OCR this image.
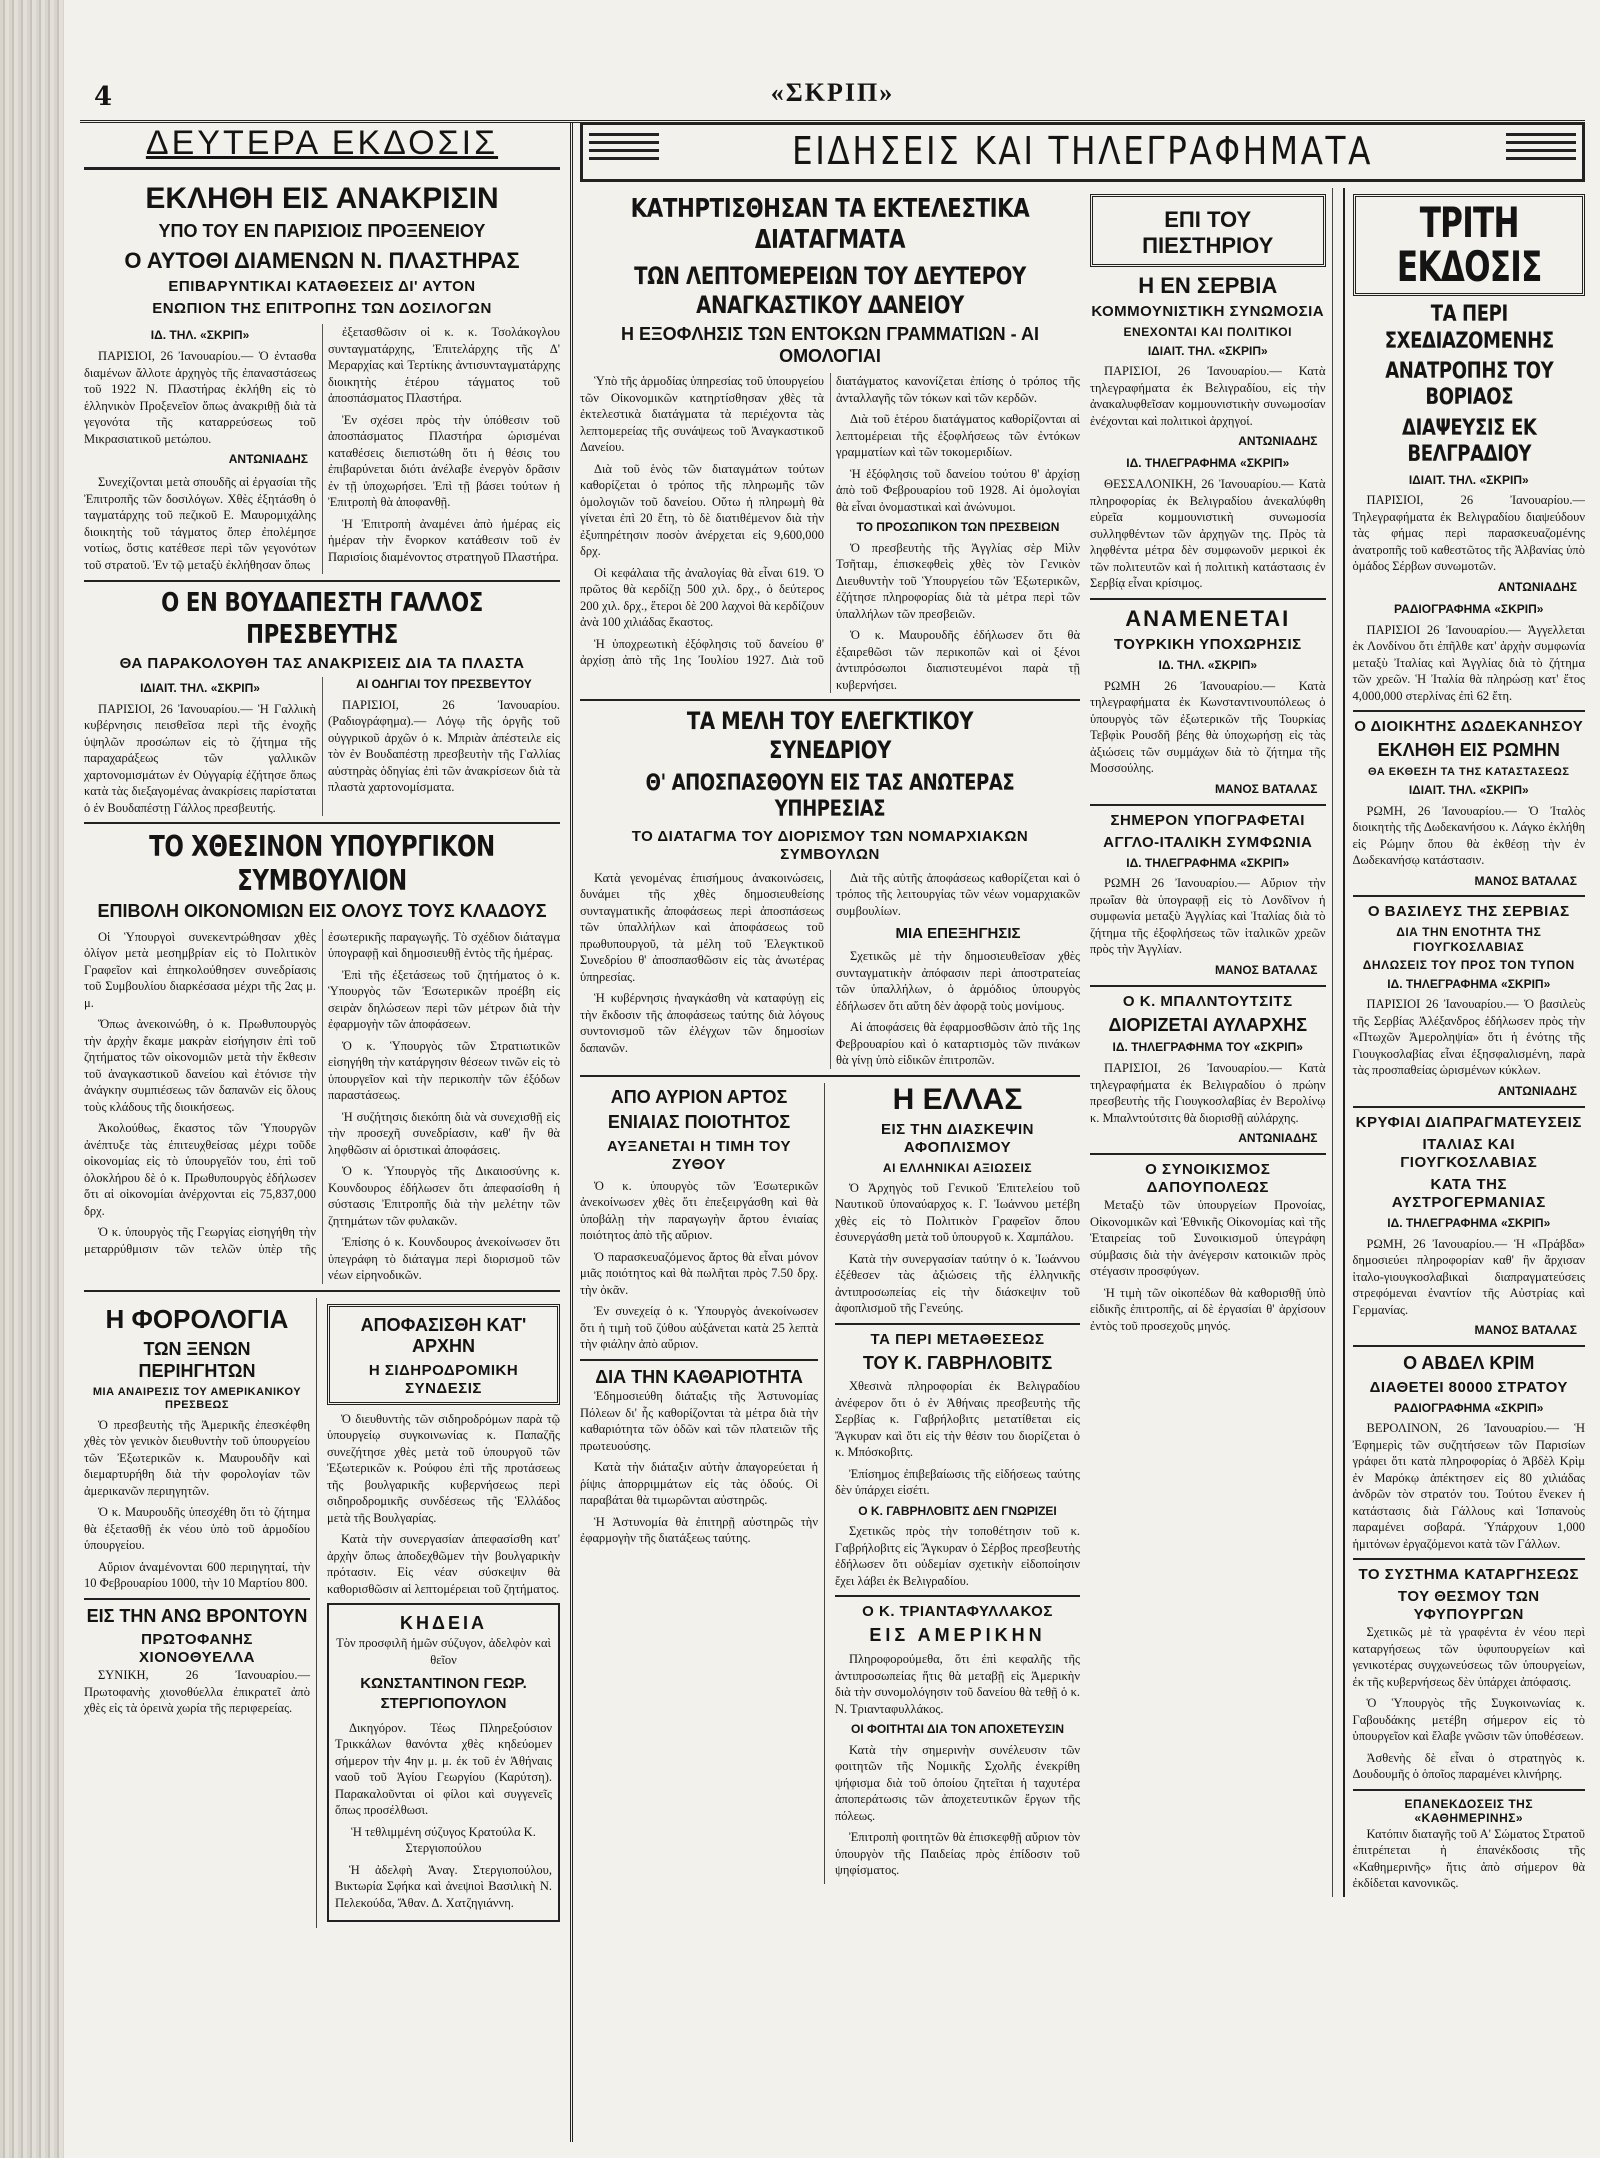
4	«ΣΚΡΙΠ»
ΔΕΥΤΕΡΑ ΕΚΔΟΣΙΣ
ΕΚΛΗΘΗ ΕΙΣ ΑΝΑΚΡΙΣΙΝ
ΥΠΟ ΤΟΥ ΕΝ ΠΑΡΙΣΙΟΙΣ ΠΡΟΞΕΝΕΙΟΥ
Ο ΑΥΤΟΘΙ ΔΙΑΜΕΝΩΝ Ν. ΠΛΑΣΤΗΡΑΣ
ΕΠΙΒΑΡΥΝΤΙΚΑΙ ΚΑΤΑΘΕΣΕΙΣ ΔΙ' ΑΥΤΟΝ
ΕΝΩΠΙΟΝ ΤΗΣ ΕΠΙΤΡΟΠΗΣ ΤΩΝ ΔΟΣΙΛΟΓΩΝ
ΙΔ. ΤΗΛ. «ΣΚΡΙΠ»

ΠΑΡΙΣΙΟΙ, 26 Ἰανουαρίου.— Ὁ ἐντασθα διαμένων ἄλλοτε ἀρχηγὸς τῆς ἐπαναστάσεως τοῦ 1922 Ν. Πλαστήρας ἐκλήθη εἰς τὸ ἑλληνικὸν Προξενεῖον ὅπως ἀνακριθῇ διὰ τὰ γεγονότα τῆς καταρρεύσεως τοῦ Μικρασιατικοῦ μετώπου.

ΑΝΤΩΝΙΑΔΗΣ

Συνεχίζονται μετὰ σπουδῆς αἱ ἐργασίαι τῆς Ἐπιτροπῆς τῶν δοσιλόγων. Χθὲς ἐξητάσθη ὁ ταγματάρχης τοῦ πεζικοῦ Ε. Μαυρομιχάλης διοικητὴς τοῦ τάγματος ὅπερ ἐπολέμησε νοτίως, ὅστις κατέθεσε περὶ τῶν γεγονότων τοῦ στρατοῦ. Ἐν τῷ μεταξὺ ἐκλήθησαν ὅπως

ἐξετασθῶσιν οἱ κ. κ. Τσολάκογλου συνταγματάρχης, Ἐπιτελάρχης τῆς Δ' Μεραρχίας καὶ Τερτίκης ἀντισυνταγματάρχης διοικητὴς ἑτέρου τάγματος τοῦ ἀποσπάσματος Πλαστήρα.

Ἐν σχέσει πρὸς τὴν ὑπόθεσιν τοῦ ἀποσπάσματος Πλαστήρα ὡρισμέναι καταθέσεις διεπιστώθη ὅτι ἡ θέσις του ἐπιβαρύνεται διότι ἀνέλαβε ἐνεργὸν δρᾶσιν ἐν τῇ ὑποχωρήσει. Ἐπὶ τῇ βάσει τούτων ἡ Ἐπιτροπὴ θὰ ἀποφανθῇ.

Ἡ Ἐπιτροπὴ ἀναμένει ἀπὸ ἡμέρας εἰς ἡμέραν τὴν ἔνορκον κατάθεσιν τοῦ ἐν Παρισίοις διαμένοντος στρατηγοῦ Πλαστήρα.

Ο ΕΝ ΒΟΥΔΑΠΕΣΤΗ ΓΑΛΛΟΣ ΠΡΕΣΒΕΥΤΗΣ
ΘΑ ΠΑΡΑΚΟΛΟΥΘΗ ΤΑΣ ΑΝΑΚΡΙΣΕΙΣ ΔΙΑ ΤΑ ΠΛΑΣΤΑ
ΙΔΙΑΙΤ. ΤΗΛ. «ΣΚΡΙΠ»

ΠΑΡΙΣΙΟΙ, 26 Ἰανουαρίου.— Ἡ Γαλλικὴ κυβέρνησις πεισθεῖσα περὶ τῆς ἐνοχῆς ὑψηλῶν προσώπων εἰς τὸ ζήτημα τῆς παραχαράξεως τῶν γαλλικῶν χαρτονομισμάτων ἐν Οὐγγαρίᾳ ἐζήτησε ὅπως κατὰ τὰς διεξαγομένας ἀνακρίσεις παρίσταται ὁ ἐν Βουδαπέστῃ Γάλλος πρεσβευτής.

ΑΙ ΟΔΗΓΙΑΙ ΤΟΥ ΠΡΕΣΒΕΥΤΟΥ

ΠΑΡΙΣΙΟΙ, 26 Ἰανουαρίου. (Ραδιογράφημα).— Λόγῳ τῆς ὀργῆς τοῦ οὐγγρικοῦ ἀρχῶν ὁ κ. Μπριὰν ἀπέστειλε εἰς τὸν ἐν Βουδαπέστῃ πρεσβευτὴν τῆς Γαλλίας αὐστηρὰς ὁδηγίας ἐπὶ τῶν ἀνακρίσεων διὰ τὰ πλαστὰ χαρτονομίσματα.

ΤΟ ΧΘΕΣΙΝΟΝ ΥΠΟΥΡΓΙΚΟΝ ΣΥΜΒΟΥΛΙΟΝ
ΕΠΙΒΟΛΗ ΟΙΚΟΝΟΜΙΩΝ ΕΙΣ ΟΛΟΥΣ ΤΟΥΣ ΚΛΑΔΟΥΣ

Οἱ Ὑπουργοὶ συνεκεντρώθησαν χθὲς ὀλίγον μετὰ μεσημβρίαν εἰς τὸ Πολιτικὸν Γραφεῖον καὶ ἐπηκολούθησεν συνεδρίασις τοῦ Συμβουλίου διαρκέσασα μέχρι τῆς 2ας μ. μ.

Ὅπως ἀνεκοινώθη, ὁ κ. Πρωθυπουργὸς τὴν ἀρχὴν ἔκαμε μακρὰν εἰσήγησιν ἐπὶ τοῦ ζητήματος τῶν οἰκονομιῶν μετὰ τὴν ἔκθεσιν τοῦ ἀναγκαστικοῦ δανείου καὶ ἐτόνισε τὴν ἀνάγκην συμπιέσεως τῶν δαπανῶν εἰς ὅλους τοὺς κλάδους τῆς διοικήσεως.

Ἀκολούθως, ἕκαστος τῶν Ὑπουργῶν ἀνέπτυξε τὰς ἐπιτευχθείσας μέχρι τοῦδε οἰκονομίας εἰς τὸ ὑπουργεῖόν του, ἐπὶ τοῦ ὁλοκλήρου δὲ ὁ κ. Πρωθυπουργὸς ἐδήλωσεν ὅτι αἱ οἰκονομίαι ἀνέρχονται εἰς 75,837,000 δρχ.

Ὁ κ. ὑπουργὸς τῆς Γεωργίας εἰσηγήθη τὴν μεταρρύθμισιν τῶν τελῶν ὑπὲρ τῆς ἐσωτερικῆς παραγωγῆς. Τὸ σχέδιον διάταγμα ὑπογραφῇ καὶ δημοσιευθῇ ἐντὸς τῆς ἡμέρας.

Ἐπὶ τῆς ἐξετάσεως τοῦ ζητήματος ὁ κ. Ὑπουργὸς τῶν Ἐσωτερικῶν προέβη εἰς σειρὰν δηλώσεων περὶ τῶν μέτρων διὰ τὴν ἐφαρμογὴν τῶν ἀποφάσεων.

Ὁ κ. Ὑπουργὸς τῶν Στρατιωτικῶν εἰσηγήθη τὴν κατάργησιν θέσεων τινῶν εἰς τὸ ὑπουργεῖον καὶ τὴν περικοπὴν τῶν ἐξόδων παραστάσεως.

Ἡ συζήτησις διεκόπη διὰ νὰ συνεχισθῇ εἰς τὴν προσεχῆ συνεδρίασιν, καθ' ἣν θὰ ληφθῶσιν αἱ ὁριστικαὶ ἀποφάσεις.

Ὁ κ. Ὑπουργὸς τῆς Δικαιοσύνης κ. Κουνδουρος ἐδήλωσεν ὅτι ἀπεφασίσθη ἡ σύστασις Ἐπιτροπῆς διὰ τὴν μελέτην τῶν ζητημάτων τῶν φυλακῶν.

Ἐπίσης ὁ κ. Κουνδουρος ἀνεκοίνωσεν ὅτι ὑπεγράφη τὸ διάταγμα περὶ διορισμοῦ τῶν νέων εἰρηνοδικῶν.

Η ΦΟΡΟΛΟΓΙΑ
ΤΩΝ ΞΕΝΩΝ ΠΕΡΙΗΓΗΤΩΝ
ΜΙΑ ΑΝΑΙΡΕΣΙΣ ΤΟΥ ΑΜΕΡΙΚΑΝΙΚΟΥ ΠΡΕΣΒΕΩΣ

Ὁ πρεσβευτὴς τῆς Ἀμερικῆς ἐπεσκέφθη χθὲς τὸν γενικὸν διευθυντὴν τοῦ ὑπουργείου τῶν Ἐξωτερικῶν κ. Μαυρουδῆν καὶ διεμαρτυρήθη διὰ τὴν φορολογίαν τῶν ἀμερικανῶν περιηγητῶν.

Ὁ κ. Μαυρουδῆς ὑπεσχέθη ὅτι τὸ ζήτημα θὰ ἐξετασθῇ ἐκ νέου ὑπὸ τοῦ ἁρμοδίου ὑπουργείου.

Αὔριον ἀναμένονται 600 περιηγηταί, τὴν 10 Φεβρουαρίου 1000, τὴν 10 Μαρτίου 800.

ΕΙΣ ΤΗΝ ΑΝΩ ΒΡΟΝΤΟΥΝ
ΠΡΩΤΟΦΑΝΗΣ ΧΙΟΝΟΘΥΕΛΛΑ

ΣΥΝΙΚΗ, 26 Ἰανουαρίου.— Πρωτοφανὴς χιονοθύελλα ἐπικρατεῖ ἀπὸ χθὲς εἰς τὰ ὀρεινὰ χωρία τῆς περιφερείας.

ΑΠΟΦΑΣΙΣΘΗ ΚΑΤ' ΑΡΧΗΝ
Η ΣΙΔΗΡΟΔΡΟΜΙΚΗ ΣΥΝΔΕΣΙΣ

Ὁ διευθυντὴς τῶν σιδηροδρόμων παρὰ τῷ ὑπουργείῳ συγκοινωνίας κ. Παπαζῆς συνεζήτησε χθὲς μετὰ τοῦ ὑπουργοῦ τῶν Ἐξωτερικῶν κ. Ρούφου ἐπὶ τῆς προτάσεως τῆς βουλγαρικῆς κυβερνήσεως περὶ σιδηροδρομικῆς συνδέσεως τῆς Ἑλλάδος μετὰ τῆς Βουλγαρίας.

Κατὰ τὴν συνεργασίαν ἀπεφασίσθη κατ' ἀρχὴν ὅπως ἀποδεχθῶμεν τὴν βουλγαρικὴν πρότασιν. Εἰς νέαν σύσκεψιν θὰ καθορισθῶσιν αἱ λεπτομέρειαι τοῦ ζητήματος.

ΚΗΔΕΙΑ

Τὸν προσφιλῆ ἡμῶν σύζυγον, ἀδελφὸν καὶ θεῖον

ΚΩΝΣΤΑΝΤΙΝΟΝ ΓΕΩΡ. ΣΤΕΡΓΙΟΠΟΥΛΟΝ

Δικηγόρον. Τέως Πληρεξούσιον Τρικκάλων θανόντα χθὲς κηδεύομεν σήμερον τὴν 4ην μ. μ. ἐκ τοῦ ἐν Ἀθήναις ναοῦ τοῦ Ἁγίου Γεωργίου (Καρύτση). Παρακαλοῦνται οἱ φίλοι καὶ συγγενεῖς ὅπως προσέλθωσι.

Ἡ τεθλιμμένη σύζυγος Κρατούλα Κ. Στεργιοπούλου

Ἡ ἀδελφὴ Ἀναγ. Στεργιοπούλου, Βικτωρία Σφήκα καὶ ἀνεψιοὶ Βασιλικὴ Ν. Πελεκούδα, Ἄθαν. Δ. Χατζηγιάννη.

ΕΙΔΗΣΕΙΣ ΚΑΙ ΤΗΛΕΓΡΑΦΗΜΑΤΑ
ΚΑΤΗΡΤΙΣΘΗΣΑΝ ΤΑ ΕΚΤΕΛΕΣΤΙΚΑ ΔΙΑΤΑΓΜΑΤΑ
ΤΩΝ ΛΕΠΤΟΜΕΡΕΙΩΝ ΤΟΥ ΔΕΥΤΕΡΟΥ ΑΝΑΓΚΑΣΤΙΚΟΥ ΔΑΝΕΙΟΥ
Η ΕΞΟΦΛΗΣΙΣ ΤΩΝ ΕΝΤΟΚΩΝ ΓΡΑΜΜΑΤΙΩΝ - ΑΙ ΟΜΟΛΟΓΙΑΙ

Ὑπὸ τῆς ἁρμοδίας ὑπηρεσίας τοῦ ὑπουργείου τῶν Οἰκονομικῶν κατηρτίσθησαν χθὲς τὰ ἐκτελεστικὰ διατάγματα τὰ περιέχοντα τὰς λεπτομερείας τῆς συνάψεως τοῦ Ἀναγκαστικοῦ Δανείου.

Διὰ τοῦ ἑνὸς τῶν διαταγμάτων τούτων καθορίζεται ὁ τρόπος τῆς πληρωμῆς τῶν ὁμολογιῶν τοῦ δανείου. Οὕτω ἡ πληρωμὴ θὰ γίνεται ἐπὶ 20 ἔτη, τὸ δὲ διατιθέμενον διὰ τὴν ἐξυπηρέτησιν ποσὸν ἀνέρχεται εἰς 9,600,000 δρχ.

Οἱ κεφάλαια τῆς ἀναλογίας θὰ εἶναι 619. Ὁ πρῶτος θὰ κερδίζῃ 500 χιλ. δρχ., ὁ δεύτερος 200 χιλ. δρχ., ἕτεροι δὲ 200 λαχνοὶ θὰ κερδίζουν ἀνὰ 100 χιλιάδας ἕκαστος.

Ἡ ὑποχρεωτικὴ ἐξόφλησις τοῦ δανείου θ' ἀρχίσῃ ἀπὸ τῆς 1ης Ἰουλίου 1927. Διὰ τοῦ διατάγματος κανονίζεται ἐπίσης ὁ τρόπος τῆς ἀνταλλαγῆς τῶν τόκων καὶ τῶν κερδῶν.

Διὰ τοῦ ἑτέρου διατάγματος καθορίζονται αἱ λεπτομέρειαι τῆς ἐξοφλήσεως τῶν ἐντόκων γραμματίων καὶ τῶν τοκομεριδίων.

Ἡ ἐξόφλησις τοῦ δανείου τούτου θ' ἀρχίσῃ ἀπὸ τοῦ Φεβρουαρίου τοῦ 1928. Αἱ ὁμολογίαι θὰ εἶναι ὀνομαστικαὶ καὶ ἀνώνυμοι.

ΤΟ ΠΡΟΣΩΠΙΚΟΝ ΤΩΝ ΠΡΕΣΒΕΙΩΝ

Ὁ πρεσβευτὴς τῆς Ἀγγλίας σὲρ Μὶλν Τσῆταμ, ἐπισκεφθεὶς χθὲς τὸν Γενικὸν Διευθυντὴν τοῦ Ὑπουργείου τῶν Ἐξωτερικῶν, ἐζήτησε πληροφορίας διὰ τὰ μέτρα περὶ τῶν ὑπαλλήλων τῶν πρεσβειῶν.

Ὁ κ. Μαυρουδῆς ἐδήλωσεν ὅτι θὰ ἐξαιρεθῶσι τῶν περικοπῶν καὶ οἱ ξένοι ἀντιπρόσωποι διαπιστευμένοι παρὰ τῇ κυβερνήσει.

ΤΑ ΜΕΛΗ ΤΟΥ ΕΛΕΓΚΤΙΚΟΥ ΣΥΝΕΔΡΙΟΥ
Θ' ΑΠΟΣΠΑΣΘΟΥΝ ΕΙΣ ΤΑΣ ΑΝΩΤΕΡΑΣ ΥΠΗΡΕΣΙΑΣ
ΤΟ ΔΙΑΤΑΓΜΑ ΤΟΥ ΔΙΟΡΙΣΜΟΥ ΤΩΝ ΝΟΜΑΡΧΙΑΚΩΝ ΣΥΜΒΟΥΛΩΝ

Κατὰ γενομένας ἐπισήμους ἀνακοινώσεις, δυνάμει τῆς χθὲς δημοσιευθείσης συνταγματικῆς ἀποφάσεως περὶ ἀποσπάσεως τῶν ὑπαλλήλων καὶ ἀποφάσεως τοῦ πρωθυπουργοῦ, τὰ μέλη τοῦ Ἐλεγκτικοῦ Συνεδρίου θ' ἀποσπασθῶσιν εἰς τὰς ἀνωτέρας ὑπηρεσίας.

Ἡ κυβέρνησις ἠναγκάσθη νὰ καταφύγῃ εἰς τὴν ἔκδοσιν τῆς ἀποφάσεως ταύτης διὰ λόγους συντονισμοῦ τῶν ἐλέγχων τῶν δημοσίων δαπανῶν.

Διὰ τῆς αὐτῆς ἀποφάσεως καθορίζεται καὶ ὁ τρόπος τῆς λειτουργίας τῶν νέων νομαρχιακῶν συμβουλίων.

ΜΙΑ ΕΠΕΞΗΓΗΣΙΣ

Σχετικῶς μὲ τὴν δημοσιευθεῖσαν χθὲς συνταγματικὴν ἀπόφασιν περὶ ἀποστρατείας τῶν ὑπαλλήλων, ὁ ἁρμόδιος ὑπουργὸς ἐδήλωσεν ὅτι αὕτη δὲν ἀφορᾷ τοὺς μονίμους.

Αἱ ἀποφάσεις θὰ ἐφαρμοσθῶσιν ἀπὸ τῆς 1ης Φεβρουαρίου καὶ ὁ καταρτισμὸς τῶν πινάκων θὰ γίνῃ ὑπὸ εἰδικῶν ἐπιτροπῶν.

ΑΠΟ ΑΥΡΙΟΝ ΑΡΤΟΣ
ΕΝΙΑΙΑΣ ΠΟΙΟΤΗΤΟΣ
ΑΥΞΑΝΕΤΑΙ Η ΤΙΜΗ ΤΟΥ ΖΥΘΟΥ

Ὁ κ. ὑπουργὸς τῶν Ἐσωτερικῶν ἀνεκοίνωσεν χθὲς ὅτι ἐπεξειργάσθη καὶ θὰ ὑποβάλῃ τὴν παραγωγὴν ἄρτου ἑνιαίας ποιότητος ἀπὸ τῆς αὔριον.

Ὁ παρασκευαζόμενος ἄρτος θὰ εἶναι μόνον μιᾶς ποιότητος καὶ θὰ πωλῆται πρὸς 7.50 δρχ. τὴν ὀκᾶν.

Ἐν συνεχείᾳ ὁ κ. Ὑπουργὸς ἀνεκοίνωσεν ὅτι ἡ τιμὴ τοῦ ζύθου αὐξάνεται κατὰ 25 λεπτὰ τὴν φιάλην ἀπὸ αὔριον.

ΔΙΑ ΤΗΝ ΚΑΘΑΡΙΟΤΗΤΑ

Ἐδημοσιεύθη διάταξις τῆς Ἀστυνομίας Πόλεων δι' ἧς καθορίζονται τὰ μέτρα διὰ τὴν καθαριότητα τῶν ὁδῶν καὶ τῶν πλατειῶν τῆς πρωτευούσης.

Κατὰ τὴν διάταξιν αὐτὴν ἀπαγορεύεται ἡ ῥίψις ἀπορριμμάτων εἰς τὰς ὁδούς. Οἱ παραβάται θὰ τιμωρῶνται αὐστηρῶς.

Ἡ Ἀστυνομία θὰ ἐπιτηρῇ αὐστηρῶς τὴν ἐφαρμογὴν τῆς διατάξεως ταύτης.

Η ΕΛΛΑΣ
ΕΙΣ ΤΗΝ ΔΙΑΣΚΕΨΙΝ ΑΦΟΠΛΙΣΜΟΥ
ΑΙ ΕΛΛΗΝΙΚΑΙ ΑΞΙΩΣΕΙΣ

Ὁ Ἀρχηγὸς τοῦ Γενικοῦ Ἐπιτελείου τοῦ Ναυτικοῦ ὑποναύαρχος κ. Γ. Ἰωάννου μετέβη χθὲς εἰς τὸ Πολιτικὸν Γραφεῖον ὅπου ἐσυνεργάσθη μετὰ τοῦ ὑπουργοῦ κ. Χαμπάλου.

Κατὰ τὴν συνεργασίαν ταύτην ὁ κ. Ἰωάννου ἐξέθεσεν τὰς ἀξιώσεις τῆς ἑλληνικῆς ἀντιπροσωπείας εἰς τὴν διάσκεψιν τοῦ ἀφοπλισμοῦ τῆς Γενεύης.

ΤΑ ΠΕΡΙ ΜΕΤΑΘΕΣΕΩΣ
ΤΟΥ Κ. ΓΑΒΡΗΛΟΒΙΤΣ

Χθεσινὰ πληροφορίαι ἐκ Βελιγραδίου ἀνέφερον ὅτι ὁ ἐν Ἀθήναις πρεσβευτὴς τῆς Σερβίας κ. Γαβρήλοβιτς μετατίθεται εἰς Ἄγκυραν καὶ ὅτι εἰς τὴν θέσιν του διορίζεται ὁ κ. Μπόσκοβιτς.

Ἐπίσημος ἐπιβεβαίωσις τῆς εἰδήσεως ταύτης δὲν ὑπάρχει εἰσέτι.

Ο Κ. ΓΑΒΡΗΛΟΒΙΤΣ ΔΕΝ ΓΝΩΡΙΖΕΙ

Σχετικῶς πρὸς τὴν τοποθέτησιν τοῦ κ. Γαβρήλοβιτς εἰς Ἄγκυραν ὁ Σέρβος πρεσβευτὴς ἐδήλωσεν ὅτι οὐδεμίαν σχετικὴν εἰδοποίησιν ἔχει λάβει ἐκ Βελιγραδίου.

Ο Κ. ΤΡΙΑΝΤΑΦΥΛΛΑΚΟΣ
ΕΙΣ ΑΜΕΡΙΚΗΝ

Πληροφορούμεθα, ὅτι ἐπὶ κεφαλῆς τῆς ἀντιπροσωπείας ἥτις θὰ μεταβῇ εἰς Ἀμερικὴν διὰ τὴν συνομολόγησιν τοῦ δανείου θὰ τεθῇ ὁ κ. Ν. Τριανταφυλλάκος.

ΟΙ ΦΟΙΤΗΤΑΙ ΔΙΑ ΤΟΝ ΑΠΟΧΕΤΕΥΣΙΝ

Κατὰ τὴν σημερινὴν συνέλευσιν τῶν φοιτητῶν τῆς Νομικῆς Σχολῆς ἐνεκρίθη ψήφισμα διὰ τοῦ ὁποίου ζητεῖται ἡ ταχυτέρα ἀποπεράτωσις τῶν ἀποχετευτικῶν ἔργων τῆς πόλεως.

Ἐπιτροπὴ φοιτητῶν θὰ ἐπισκεφθῇ αὔριον τὸν ὑπουργὸν τῆς Παιδείας πρὸς ἐπίδοσιν τοῦ ψηφίσματος.

ΕΠΙ ΤΟΥ ΠΙΕΣΤΗΡΙΟΥ
Η ΕΝ ΣΕΡΒΙΑ
ΚΟΜΜΟΥΝΙΣΤΙΚΗ ΣΥΝΩΜΟΣΙΑ
ΕΝΕΧΟΝΤΑΙ ΚΑΙ ΠΟΛΙΤΙΚΟΙ
ΙΔΙΑΙΤ. ΤΗΛ. «ΣΚΡΙΠ»

ΠΑΡΙΣΙΟΙ, 26 Ἰανουαρίου.— Κατὰ τηλεγραφήματα ἐκ Βελιγραδίου, εἰς τὴν ἀνακαλυφθεῖσαν κομμουνιστικὴν συνωμοσίαν ἐνέχονται καὶ πολιτικοὶ ἀρχηγοί.

ΑΝΤΩΝΙΑΔΗΣ
ΙΔ. ΤΗΛΕΓΡΑΦΗΜΑ «ΣΚΡΙΠ»

ΘΕΣΣΑΛΟΝΙΚΗ, 26 Ἰανουαρίου.— Κατὰ πληροφορίας ἐκ Βελιγραδίου ἀνεκαλύφθη εὐρεῖα κομμουνιστικὴ συνωμοσία συλληφθέντων τῶν ἀρχηγῶν της. Πρὸς τὰ ληφθέντα μέτρα δὲν συμφωνοῦν μερικοὶ ἐκ τῶν πολιτευτῶν καὶ ἡ πολιτικὴ κατάστασις ἐν Σερβίᾳ εἶναι κρίσιμος.

ΑΝΑΜΕΝΕΤΑΙ
ΤΟΥΡΚΙΚΗ ΥΠΟΧΩΡΗΣΙΣ
ΙΔ. ΤΗΛ. «ΣΚΡΙΠ»

ΡΩΜΗ 26 Ἰανουαρίου.— Κατὰ τηλεγραφήματα ἐκ Κωνσταντινουπόλεως ὁ ὑπουργὸς τῶν ἐξωτερικῶν τῆς Τουρκίας Τεβφὶκ Ρουσδῆ βέης θὰ ὑποχωρήσῃ εἰς τὰς ἀξιώσεις τῶν συμμάχων διὰ τὸ ζήτημα τῆς Μοσσούλης.

ΜΑΝΟΣ ΒΑΤΑΛΑΣ
ΣΗΜΕΡΟΝ ΥΠΟΓΡΑΦΕΤΑΙ
ΑΓΓΛΟ-ΙΤΑΛΙΚΗ ΣΥΜΦΩΝΙΑ
ΙΔ. ΤΗΛΕΓΡΑΦΗΜΑ «ΣΚΡΙΠ»

ΡΩΜΗ 26 Ἰανουαρίου.— Αὔριον τὴν πρωΐαν θὰ ὑπογραφῇ εἰς τὸ Λονδῖνον ἡ συμφωνία μεταξὺ Ἀγγλίας καὶ Ἰταλίας διὰ τὸ ζήτημα τῆς ἐξοφλήσεως τῶν ἰταλικῶν χρεῶν πρὸς τὴν Ἀγγλίαν.

ΜΑΝΟΣ ΒΑΤΑΛΑΣ
Ο Κ. ΜΠΑΛΝΤΟΥΤΣΙΤΣ
ΔΙΟΡΙΖΕΤΑΙ ΑΥΛΑΡΧΗΣ
ΙΔ. ΤΗΛΕΓΡΑΦΗΜΑ ΤΟΥ «ΣΚΡΙΠ»

ΠΑΡΙΣΙΟΙ, 26 Ἰανουαρίου.— Κατὰ τηλεγραφήματα ἐκ Βελιγραδίου ὁ πρώην πρεσβευτὴς τῆς Γιουγκοσλαβίας ἐν Βερολίνῳ κ. Μπαλντούτσιτς θὰ διορισθῇ αὐλάρχης.

ΑΝΤΩΝΙΑΔΗΣ
Ο ΣΥΝΟΙΚΙΣΜΟΣ ΔΑΠΟΥΠΟΛΕΩΣ

Μεταξὺ τῶν ὑπουργείων Προνοίας, Οἰκονομικῶν καὶ Ἐθνικῆς Οἰκονομίας καὶ τῆς Ἑταιρείας τοῦ Συνοικισμοῦ ὑπεγράφη σύμβασις διὰ τὴν ἀνέγερσιν κατοικιῶν πρὸς στέγασιν προσφύγων.

Ἡ τιμὴ τῶν οἰκοπέδων θὰ καθορισθῇ ὑπὸ εἰδικῆς ἐπιτροπῆς, αἱ δὲ ἐργασίαι θ' ἀρχίσουν ἐντὸς τοῦ προσεχοῦς μηνός.

ΤΡΙΤΗ ΕΚΔΟΣΙΣ
ΤΑ ΠΕΡΙ ΣΧΕΔΙΑΖΟΜΕΝΗΣ
ΑΝΑΤΡΟΠΗΣ ΤΟΥ ΒΟΡΙΑΟΣ
ΔΙΑΨΕΥΣΙΣ ΕΚ ΒΕΛΓΡΑΔΙΟΥ
ΙΔΙΑΙΤ. ΤΗΛ. «ΣΚΡΙΠ»

ΠΑΡΙΣΙΟΙ, 26 Ἰανουαρίου.— Τηλεγραφήματα ἐκ Βελιγραδίου διαψεύδουν τὰς φήμας περὶ παρασκευαζομένης ἀνατροπῆς τοῦ καθεστῶτος τῆς Ἀλβανίας ὑπὸ ὁμάδος Σέρβων συνωμοτῶν.

ΑΝΤΩΝΙΑΔΗΣ
ΡΑΔΙΟΓΡΑΦΗΜΑ «ΣΚΡΙΠ»

ΠΑΡΙΣΙΟΙ 26 Ἰανουαρίου.— Ἀγγελλεται ἐκ Λονδίνου ὅτι ἐπῆλθε κατ' ἀρχὴν συμφωνία μεταξὺ Ἰταλίας καὶ Ἀγγλίας διὰ τὸ ζήτημα τῶν χρεῶν. Ἡ Ἰταλία θὰ πληρώσῃ κατ' ἔτος 4,000,000 στερλίνας ἐπὶ 62 ἔτη.

Ο ΔΙΟΙΚΗΤΗΣ ΔΩΔΕΚΑΝΗΣΟΥ
ΕΚΛΗΘΗ ΕΙΣ ΡΩΜΗΝ
ΘΑ ΕΚΘΕΣΗ ΤΑ ΤΗΣ ΚΑΤΑΣΤΑΣΕΩΣ
ΙΔΙΑΙΤ. ΤΗΛ. «ΣΚΡΙΠ»

ΡΩΜΗ, 26 Ἰανουαρίου.— Ὁ Ἰταλὸς διοικητὴς τῆς Δωδεκανήσου κ. Λάγκο ἐκλήθη εἰς Ρώμην ὅπου θὰ ἐκθέσῃ τὴν ἐν Δωδεκανήσῳ κατάστασιν.

ΜΑΝΟΣ ΒΑΤΑΛΑΣ
Ο ΒΑΣΙΛΕΥΣ ΤΗΣ ΣΕΡΒΙΑΣ
ΔΙΑ ΤΗΝ ΕΝΟΤΗΤΑ ΤΗΣ ΓΙΟΥΓΚΟΣΛΑΒΙΑΣ
ΔΗΛΩΣΕΙΣ ΤΟΥ ΠΡΟΣ ΤΟΝ ΤΥΠΟΝ
ΙΔ. ΤΗΛΕΓΡΑΦΗΜΑ «ΣΚΡΙΠ»

ΠΑΡΙΣΙΟΙ 26 Ἰανουαρίου.— Ὁ βασιλεὺς τῆς Σερβίας Ἀλέξανδρος ἐδήλωσεν πρὸς τὴν «Πτωχῶν Ἀμεροληψία» ὅτι ἡ ἑνότης τῆς Γιουγκοσλαβίας εἶναι ἐξησφαλισμένη, παρὰ τὰς προσπαθείας ὡρισμένων κύκλων.

ΑΝΤΩΝΙΑΔΗΣ
ΚΡΥΦΙΑΙ ΔΙΑΠΡΑΓΜΑΤΕΥΣΕΙΣ
ΙΤΑΛΙΑΣ ΚΑΙ ΓΙΟΥΓΚΟΣΛΑΒΙΑΣ
ΚΑΤΑ ΤΗΣ ΑΥΣΤΡΟΓΕΡΜΑΝΙΑΣ
ΙΔ. ΤΗΛΕΓΡΑΦΗΜΑ «ΣΚΡΙΠ»

ΡΩΜΗ, 26 Ἰανουαρίου.— Ἡ «Πράβδα» δημοσιεύει πληροφορίαν καθ' ἣν ἄρχισαν ἰταλο-γιουγκοσλαβικαὶ διαπραγματεύσεις στρεφόμεναι ἐναντίον τῆς Αὐστρίας καὶ Γερμανίας.

ΜΑΝΟΣ ΒΑΤΑΛΑΣ
Ο ΑΒΔΕΛ ΚΡΙΜ
ΔΙΑΘΕΤΕΙ 80000 ΣΤΡΑΤΟΥ
ΡΑΔΙΟΓΡΑΦΗΜΑ «ΣΚΡΙΠ»

ΒΕΡΟΛΙΝΟΝ, 26 Ἰανουαρίου.— Ἡ Ἐφημερὶς τῶν συζητήσεων τῶν Παρισίων γράφει ὅτι κατὰ πληροφορίας ὁ Ἀβδὲλ Κρὶμ ἐν Μαρόκῳ ἀπέκτησεν εἰς 80 χιλιάδας ἀνδρῶν τὸν στρατόν του. Τούτου ἕνεκεν ἡ κατάστασις διὰ Γάλλους καὶ Ἱσπανοὺς παραμένει σοβαρά. Ὑπάρχουν 1,000 ἡμιτόνων ἐργαζόμενοι κατὰ τῶν Γάλλων.

ΤΟ ΣΥΣΤΗΜΑ ΚΑΤΑΡΓΗΣΕΩΣ
ΤΟΥ ΘΕΣΜΟΥ ΤΩΝ ΥΦΥΠΟΥΡΓΩΝ

Σχετικῶς μὲ τὰ γραφέντα ἐν νέου περὶ καταργήσεως τῶν ὑφυπουργείων καὶ γενικοτέρας συγχωνεύσεως τῶν ὑπουργείων, ἐκ τῆς κυβερνήσεως δὲν ὑπάρχει ἀπόφασις.

Ὁ Ὑπουργὸς τῆς Συγκοινωνίας κ. Γαβουδάκης μετέβη σήμερον εἰς τὸ ὑπουργεῖον καὶ ἔλαβε γνῶσιν τῶν ὑποθέσεων.

Ἀσθενὴς δὲ εἶναι ὁ στρατηγὸς κ. Δουδουμῆς ὁ ὁποῖος παραμένει κλινήρης.

ΕΠΑΝΕΚΔΟΣΕΙΣ ΤΗΣ «ΚΑΘΗΜΕΡΙΝΗΣ»

Κατόπιν διαταγῆς τοῦ Α' Σώματος Στρατοῦ ἐπιτρέπεται ἡ ἐπανέκδοσις τῆς «Καθημερινῆς» ἥτις ἀπὸ σήμερον θὰ ἐκδίδεται κανονικῶς.
